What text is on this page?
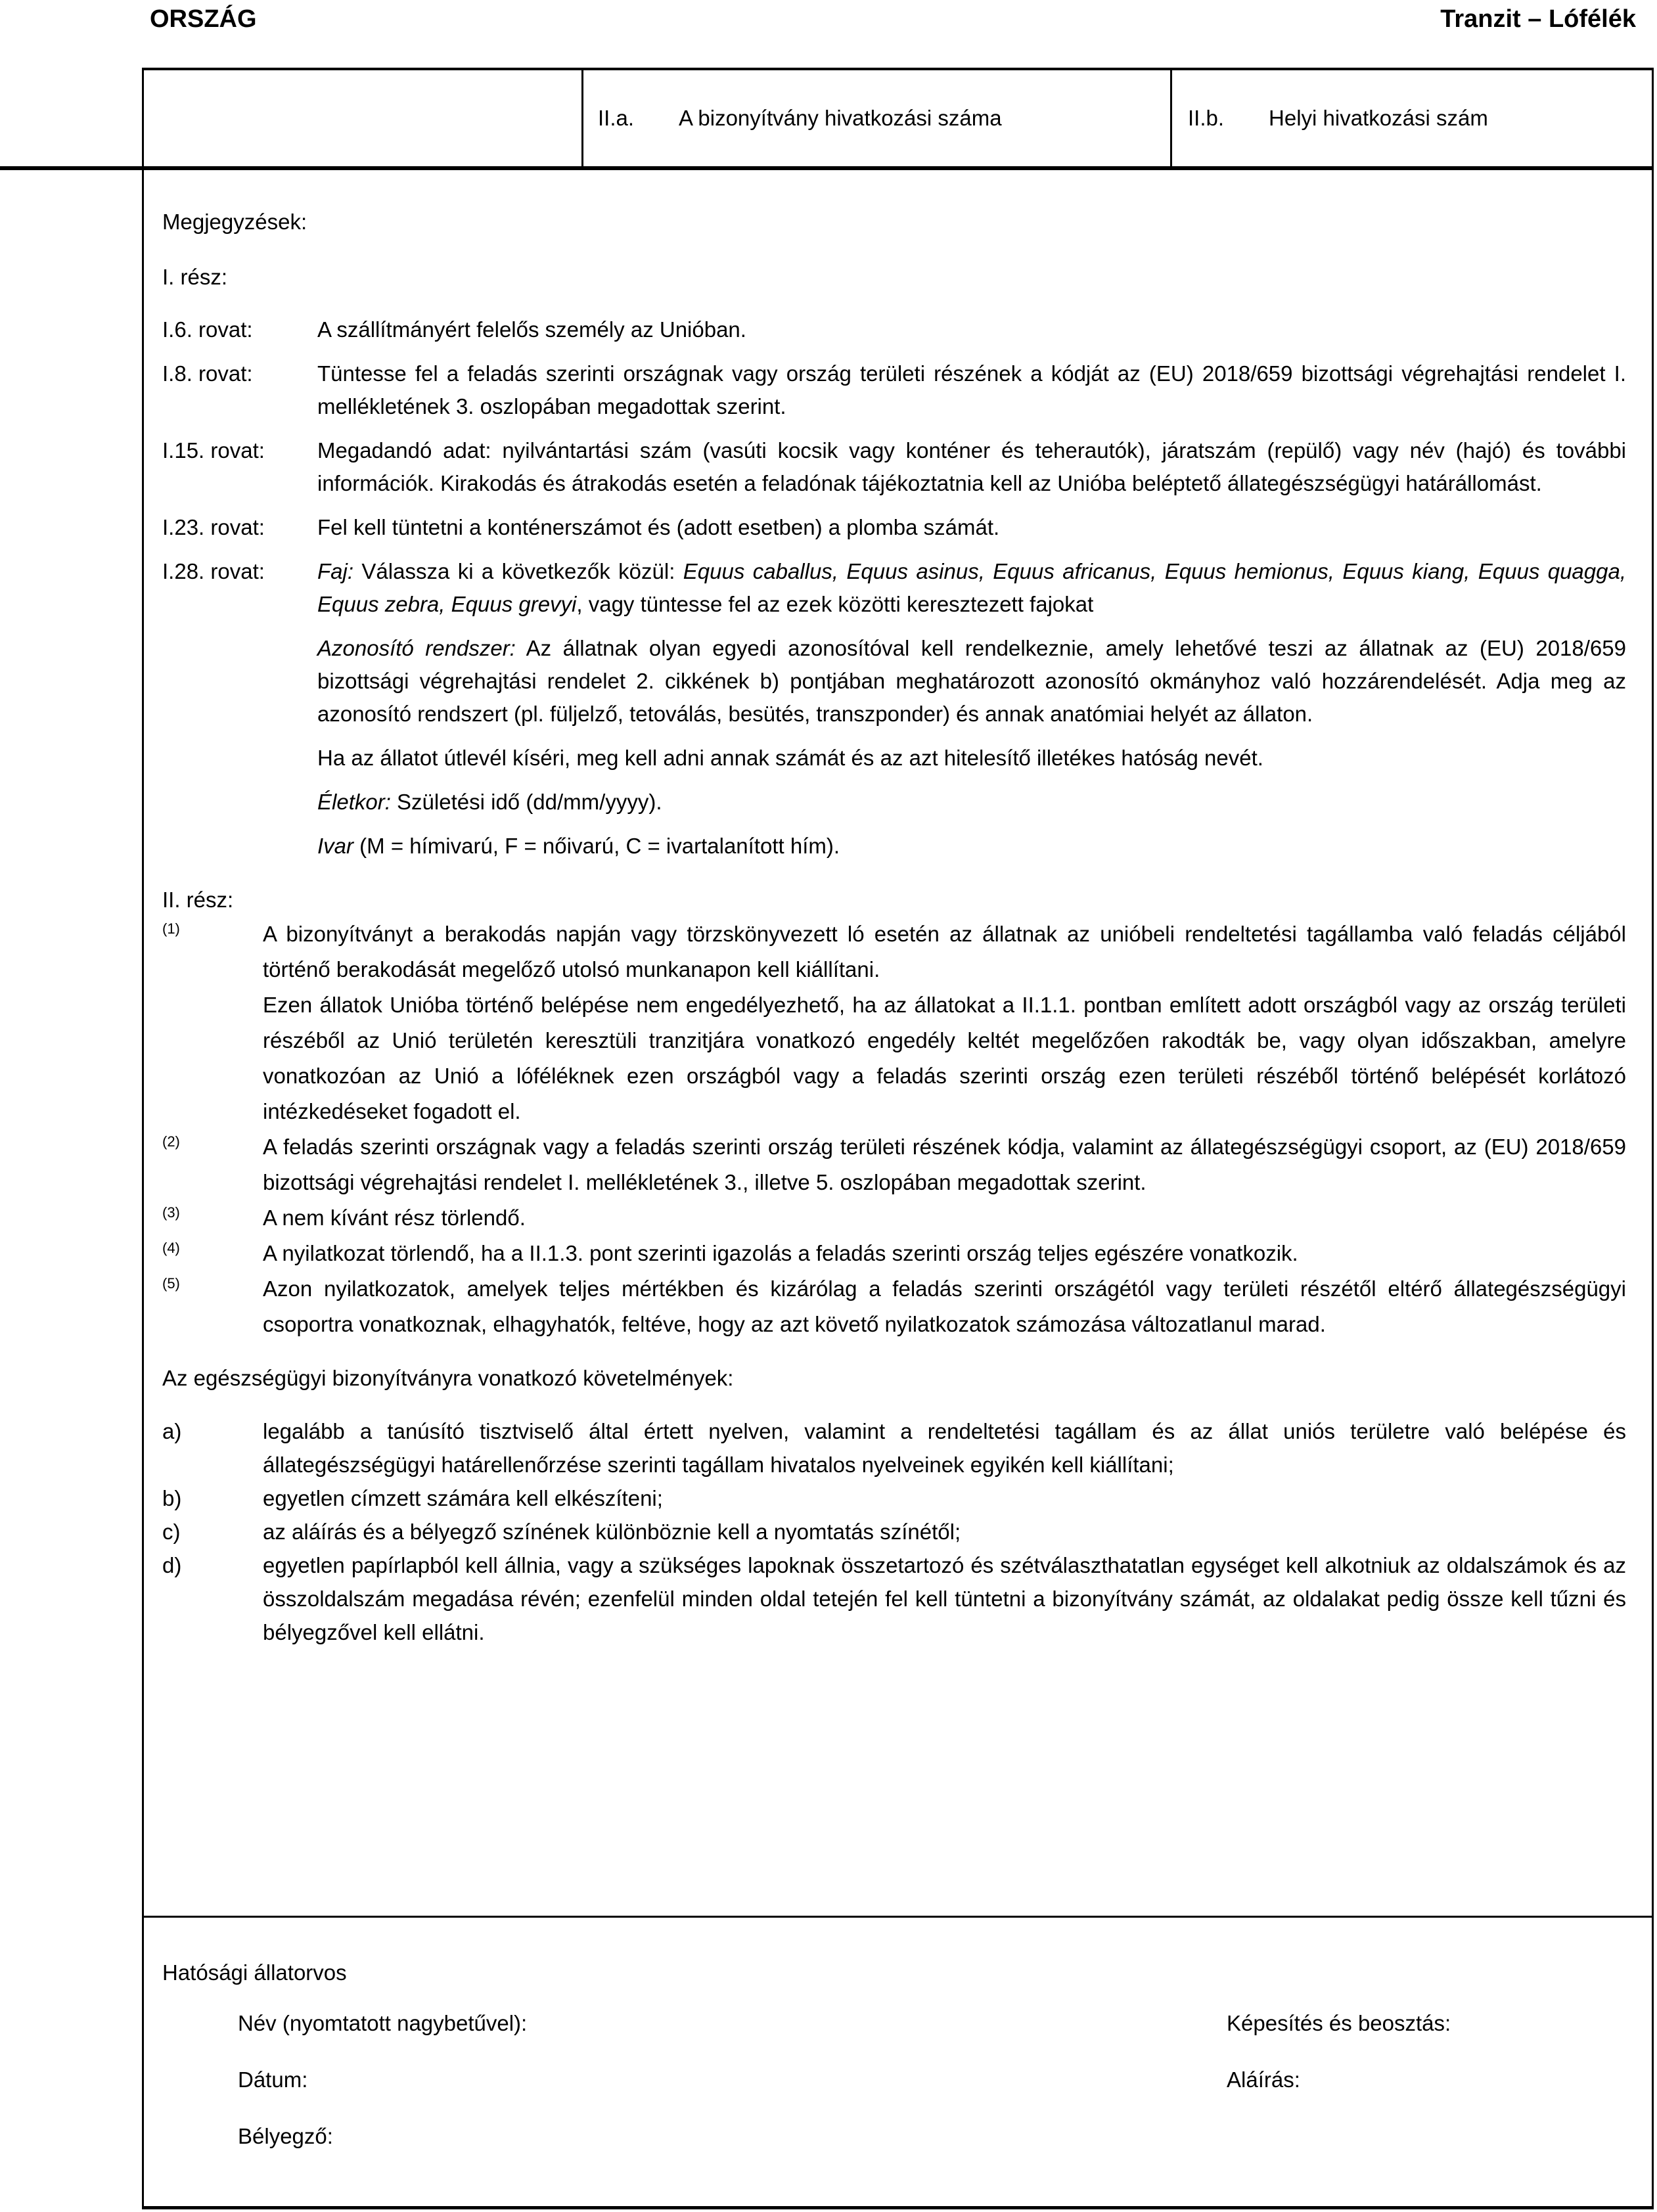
ORSZÁG	Tranzit – Lófélék
II.a. A bizonyítvány hivatkozási száma	II.b. Helyi hivatkozási szám
Megjegyzések:
I. rész:
I.6. rovat:	A szállítmányért felelős személy az Unióban.
I.8. rovat:	Tüntesse fel a feladás szerinti országnak vagy ország területi részének a kódját az (EU) 2018/659 bizottsági végrehajtási rendelet I. mellékletének 3. oszlopában megadottak szerint.
I.15. rovat:	Megadandó adat: nyilvántartási szám (vasúti kocsik vagy konténer és teherautók), járatszám (repülő) vagy név (hajó) és további információk. Kirakodás és átrakodás esetén a feladónak tájékoztatnia kell az Unióba beléptető állategészségügyi határállomást.
I.23. rovat:	Fel kell tüntetni a konténerszámot és (adott esetben) a plomba számát.
I.28. rovat:	Faj: Válassza ki a következők közül: Equus caballus, Equus asinus, Equus africanus, Equus hemionus, Equus kiang, Equus quagga, Equus zebra, Equus grevyi, vagy tüntesse fel az ezek közötti keresztezett fajokat
Azonosító rendszer: Az állatnak olyan egyedi azonosítóval kell rendelkeznie, amely lehetővé teszi az állatnak az (EU) 2018/659 bizottsági végrehajtási rendelet 2. cikkének b) pontjában meghatározott azonosító okmányhoz való hozzárendelését. Adja meg az azonosító rendszert (pl. füljelző, tetoválás, besütés, transzponder) és annak anatómiai helyét az állaton.
Ha az állatot útlevél kíséri, meg kell adni annak számát és az azt hitelesítő illetékes hatóság nevét.
Életkor: Születési idő (dd/mm/yyyy).
Ivar (M = hímivarú, F = nőivarú, C = ivartalanított hím).
II. rész:
(1)	A bizonyítványt a berakodás napján vagy törzskönyvezett ló esetén az állatnak az unióbeli rendeltetési tagállamba való feladás céljából történő berakodását megelőző utolsó munkanapon kell kiállítani.
Ezen állatok Unióba történő belépése nem engedélyezhető, ha az állatokat a II.1.1. pontban említett adott országból vagy az ország területi részéből az Unió területén keresztüli tranzitjára vonatkozó engedély keltét megelőzően rakodták be, vagy olyan időszakban, amelyre vonatkozóan az Unió a lóféléknek ezen országból vagy a feladás szerinti ország ezen területi részéből történő belépését korlátozó intézkedéseket fogadott el.
(2)	A feladás szerinti országnak vagy a feladás szerinti ország területi részének kódja, valamint az állategészségügyi csoport, az (EU) 2018/659 bizottsági végrehajtási rendelet I. mellékletének 3., illetve 5. oszlopában megadottak szerint.
(3)	A nem kívánt rész törlendő.
(4)	A nyilatkozat törlendő, ha a II.1.3. pont szerinti igazolás a feladás szerinti ország teljes egészére vonatkozik.
(5)	Azon nyilatkozatok, amelyek teljes mértékben és kizárólag a feladás szerinti országétól vagy területi részétől eltérő állategészségügyi csoportra vonatkoznak, elhagyhatók, feltéve, hogy az azt követő nyilatkozatok számozása változatlanul marad.
Az egészségügyi bizonyítványra vonatkozó követelmények:
a)	legalább a tanúsító tisztviselő által értett nyelven, valamint a rendeltetési tagállam és az állat uniós területre való belépése és állategészségügyi határellenőrzése szerinti tagállam hivatalos nyelveinek egyikén kell kiállítani;
b)	egyetlen címzett számára kell elkészíteni;
c)	az aláírás és a bélyegző színének különböznie kell a nyomtatás színétől;
d)	egyetlen papírlapból kell állnia, vagy a szükséges lapoknak összetartozó és szétválaszthatatlan egységet kell alkotniuk az oldalszámok és az összoldalszám megadása révén; ezenfelül minden oldal tetején fel kell tüntetni a bizonyítvány számát, az oldalakat pedig össze kell tűzni és bélyegzővel kell ellátni.
Hatósági állatorvos
Név (nyomtatott nagybetűvel):	Képesítés és beosztás:
Dátum:	Aláírás:
Bélyegző:
